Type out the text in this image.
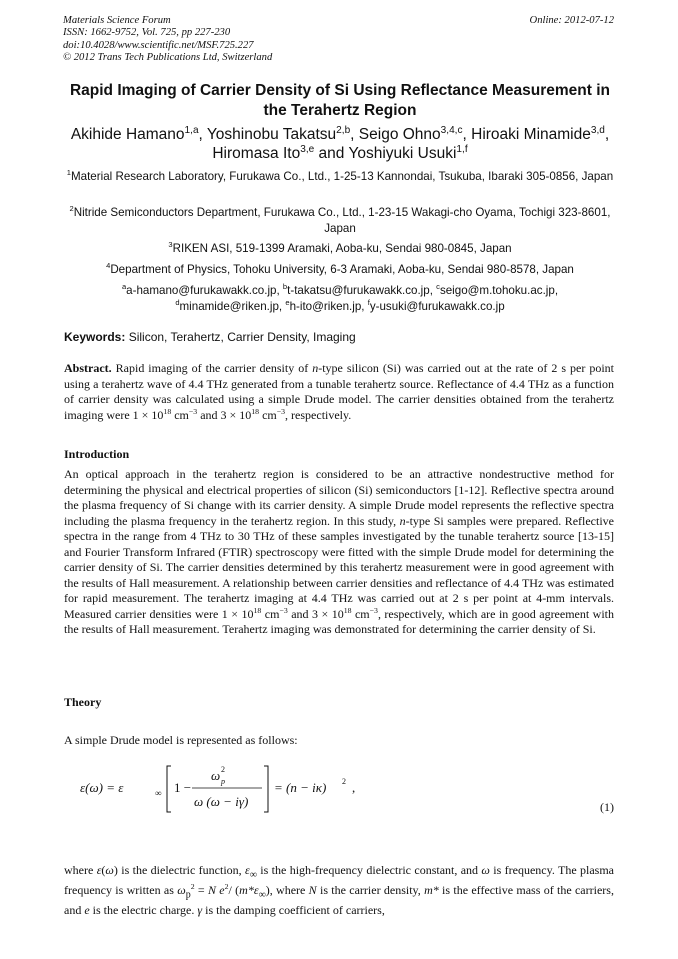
Materials Science Forum
ISSN: 1662-9752, Vol. 725, pp 227-230
doi:10.4028/www.scientific.net/MSF.725.227
© 2012 Trans Tech Publications Ltd, Switzerland
Online: 2012-07-12
Rapid Imaging of Carrier Density of Si Using Reflectance Measurement in the Terahertz Region
Akihide Hamano$^{1,a}$, Yoshinobu Takatsu$^{2,b}$, Seigo Ohno$^{3,4,c}$, Hiroaki Minamide$^{3,d}$,
Hiromasa Ito$^{3,e}$ and Yoshiyuki Usuki$^{1,f}$
$^1$Material Research Laboratory, Furukawa Co., Ltd., 1-25-13 Kannondai, Tsukuba, Ibaraki 305-0856, Japan
$^2$Nitride Semiconductors Department, Furukawa Co., Ltd., 1-23-15 Wakagi-cho Oyama, Tochigi 323-8601, Japan
$^3$RIKEN ASI, 519-1399 Aramaki, Aoba-ku, Sendai 980-0845, Japan
$^4$Department of Physics, Tohoku University, 6-3 Aramaki, Aoba-ku, Sendai 980-8578, Japan
$^a$a-hamano@furukawakk.co.jp, $^b$t-takatsu@furukawakk.co.jp, $^c$seigo@m.tohoku.ac.jp,
$^d$minamide@riken.jp, $^e$h-ito@riken.jp, $^f$y-usuki@furukawakk.co.jp
Keywords: Silicon, Terahertz, Carrier Density, Imaging
Abstract. Rapid imaging of the carrier density of n-type silicon (Si) was carried out at the rate of 2 s per point using a terahertz wave of 4.4 THz generated from a tunable terahertz source. Reflectance of 4.4 THz as a function of carrier density was calculated using a simple Drude model. The carrier densities obtained from the terahertz imaging were $1 \times 10^{18}$ $cm^{-3}$ and $3 \times 10^{18}$ $cm^{-3}$, respectively.
Introduction
An optical approach in the terahertz region is considered to be an attractive nondestructive method for determining the physical and electrical properties of silicon (Si) semiconductors [1-12]. Reflective spectra around the plasma frequency of Si change with its carrier density. A simple Drude model represents the reflective spectra including the plasma frequency in the terahertz region. In this study, n-type Si samples were prepared. Reflective spectra in the range from 4 THz to 30 THz of these samples investigated by the tunable terahertz source [13-15] and Fourier Transform Infrared (FTIR) spectroscopy were fitted with the simple Drude model for determining the carrier density of Si. The carrier densities determined by this terahertz measurement were in good agreement with the results of Hall measurement. A relationship between carrier densities and reflectance of 4.4 THz was estimated for rapid measurement. The terahertz imaging at 4.4 THz was carried out at 2 s per point at 4-mm intervals. Measured carrier densities were $1 \times 10^{18}$ $cm^{-3}$ and $3 \times 10^{18}$ $cm^{-3}$, respectively, which are in good agreement with the results of Hall measurement. Terahertz imaging was demonstrated for determining the carrier density of Si.
Theory
A simple Drude model is represented as follows:
ε(ω) = ε	∞ 1 −
ω 2
p
ω (ω − iγ)
= (n − iκ) 2 ,
(1)
where ε(ω) is the dielectric function, $\varepsilon_\infty$ is the high-frequency dielectric constant, and ω is frequency. The plasma frequency is written as $\omega_p^2 = N$ $e^2/$ $(m*\varepsilon_\infty)$, where N is the carrier density, m* is the effective mass of the carriers, and e is the electric charge. γ is the damping coefficient of carriers,
